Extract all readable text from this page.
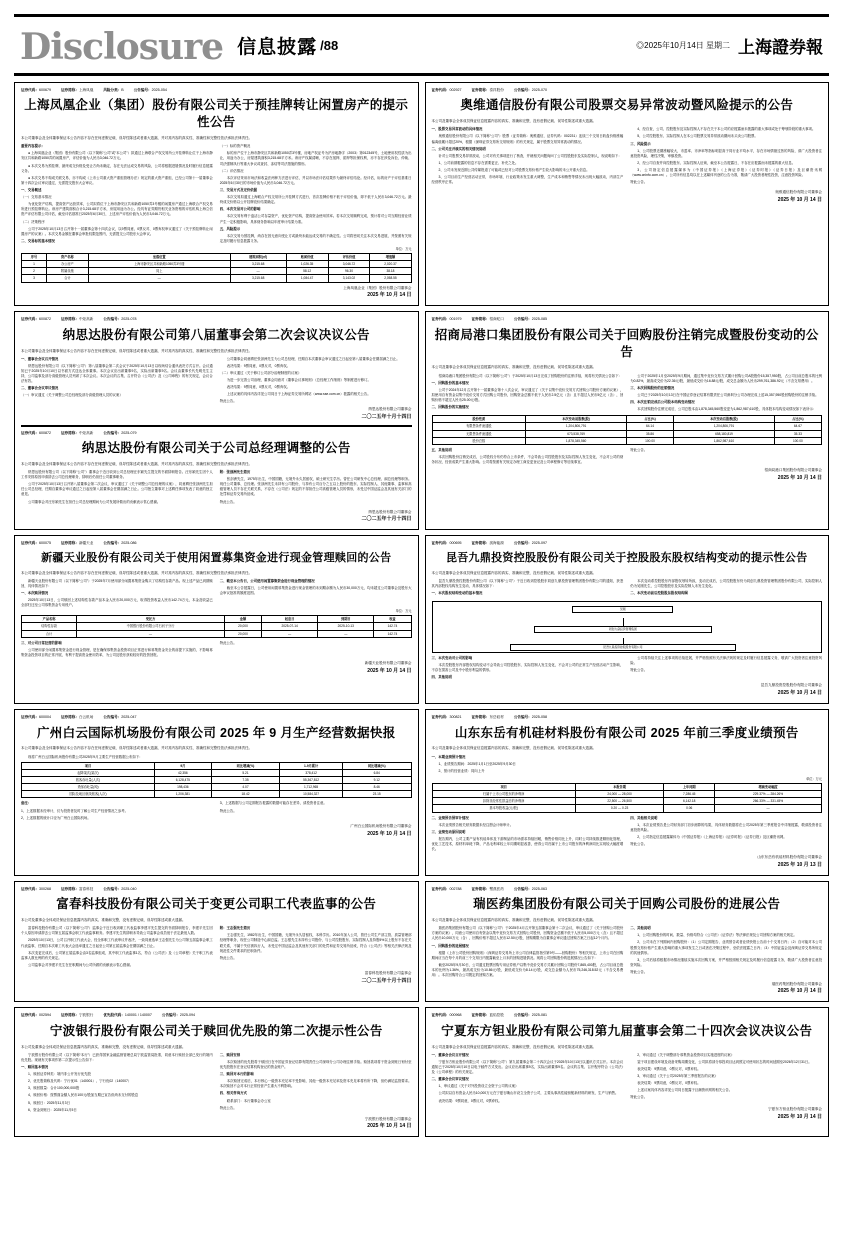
Disclosure 信息披露 /88	◎2025年10月14日 星期二 上海證券報
证券代码：600679	证券简称：上海凤凰	风险分类：B	公告编号：2025-054
上海凤凰企业（集团）股份有限公司关于预挂牌转让闲置房产的提示性公告
本公司董事会及全体董事保证本公告内容不存在任何虚假记载、误导性陈述或者重大遗漏，并对其内容的真实性、准确性和完整性依法承担法律责任。

重要内容提示：

● 上海凤凰企业（集团）股份有限公司（以下简称“公司”或“本公司”）拟通过上海联合产权交易所公开挂牌转让位于上海市静安区共和新路1050弄的闲置房产，评估价值为人民币3,046.72万元。

● 本次交易为预挂牌，最终成交价格及受让方尚未确定，存在无法达成交易的风险，公司将根据进展情况及时履行信息披露义务。

● 本次交易不构成关联交易，亦不构成《上市公司重大资产重组管理办法》规定的重大资产重组，已经公司第十一届董事会第十四次会议审议通过，无需提交股东大会审议。

一、交易概述

（一）交易基本情况

为优化资产结构，提高资产运营效率，公司拟将位于上海市静安区共和新路1050弄3号楼的闲置房产通过上海联合产权交易所进行预挂牌转让。该房产建筑面积合计3,215.68平方米，房屋用途为办公。经具有证券期货相关业务资格的评估机构上海立信资产评估有限公司评估，截至评估基准日2025年6月30日，上述房产评估价值为人民币3,046.72万元。

（二）决策程序

公司于2025年10月13日召开第十一届董事会第十四次会议，以9票同意、0票反对、0票弃权审议通过了《关于预挂牌转让闲置房产的议案》。本次交易金额在董事会审批权限范围内，无需提交公司股东大会审议。

二、交易标的基本情况

（一）标的资产概况

标的房产位于上海市静安区共和新路1050弄3号楼，房地产权证号为沪房地静字（2003）第012345号，土地使用权性质为出让，用途为办公，房屋建筑面积3,215.68平方米。该房产权属清晰，不存在抵押、质押等担保权利，亦不存在涉及诉讼、仲裁、司法强制执行等重大争议或查封、冻结等司法措施的情形。

（二）评估情况

本次评估采用市场法和收益法两种方法进行评估，并以市场法评估结果作为最终评估结论。经评估，标的房产于评估基准日2025年6月30日的市场价值为人民币3,046.72万元。

三、交易方式及定价依据

本次交易拟通过上海联合产权交易所公开挂牌方式进行，首次挂牌价格不低于评估价值，即不低于人民币3,046.72万元。最终成交价格以公开挂牌竞价结果确定。

四、本次交易对公司的影响

本次交易有利于盘活公司存量资产，优化资产结构，提高资金使用效率。若本次交易顺利完成，预计将对公司当期经营业绩产生一定积极影响，具体财务影响以年度审计结果为准。

五、风险提示

本次交易为预挂牌，尚存在因无意向受让方或最终未能达成交易的不确定性。公司将密切关注本次交易进展，并按照有关规定及时履行信息披露义务。

单位：万元
序号	资产名称	坐落位置	建筑面积(㎡)	账面价值	评估价值	增值额
1	办公房产	上海市静安区共和新路1050弄3号楼	3,215.68	1,026.35	3,046.72	2,020.37
2	附属设施	同上	—	58.12	96.30	38.18
3	合计	—	3,215.68	1,084.47	3,143.02	2,058.55
上海凤凰企业（集团）股份有限公司董事会
2025 年 10 月 14 日
证券代码：002927	证券简称：泰祥股份	公告编号：2025-070
奥维通信股份有限公司股票交易异常波动暨风险提示的公告
本公司及董事会全体成员保证信息披露内容的真实、准确和完整，没有虚假记载、误导性陈述或重大遗漏。

一、股票交易异常波动的具体情况

奥维通信股份有限公司（以下简称“公司”）股票（证券简称：奥维通信，证券代码：002231）连续三个交易日收盘价格涨幅偏离值累计超过20%，根据《深圳证券交易所交易规则》的有关规定，属于股票交易异常波动的情况。

二、公司关注并核实的相关情况说明

针对公司股票交易异常波动，公司对有关事项进行了核查，并就相关问题询问了公司控股股东及实际控制人，现说明如下：

1、公司前期披露的信息不存在需要更正、补充之处。

2、公司未发现近期公共传媒报道了可能或已经对公司股票交易价格产生较大影响的未公开重大信息。

3、公司目前生产经营活动正常，市场环境、行业政策未发生重大调整，生产成本和销售等情况未出现大幅波动，内部生产经营秩序正常。

4、经自查，公司、控股股东及实际控制人不存在关于本公司的应披露而未披露的重大事项或处于筹划阶段的重大事项。

5、公司控股股东、实际控制人在本公司股票交易异常波动期间未买卖公司股票。

三、风险提示

1、公司股票近期涨幅较大，市盈率、市净率等指标明显高于同行业平均水平，存在市场情绪过热的风险，请广大投资者注意投资风险，理性决策，审慎投资。

2、经公司自查并向控股股东、实际控制人征询，截至本公告披露日，不存在应披露而未披露的重大信息。

3、公司指定信息披露媒体为《中国证券报》《上海证券报》《证券时报》《证券日报》及巨潮资讯网（www.cninfo.com.cn）。公司所有信息均以在上述媒体刊登的公告为准，敬请广大投资者理性投资，注意投资风险。

特此公告。

奥维通信股份有限公司董事会
2025 年 10 月 14 日
证券代码：600872	证券简称：中炬高新	公告编号：2025-078
纳思达股份有限公司第八届董事会第二次会议决议公告
本公司董事会及全体董事保证本公告内容不存在任何虚假记载、误导性陈述或者重大遗漏，并对其内容的真实性、准确性和完整性依法承担法律责任。

一、董事会会议召开情况

纳思达股份有限公司（以下简称“公司”）第八届董事会第二次会议于2025年10月13日以现场结合通讯表决方式召开。会议通知已于2025年10月10日以书面方式送达全体董事。本次会议应出席董事9名，实际出席董事9名。会议由董事长代先明先生主持，公司监事及部分高级管理人员列席了本次会议。本次会议的召集、召开符合《公司法》及《公司章程》的有关规定，会议合法有效。

二、董事会会议审议情况

（一）审议通过《关于调整公司总经理及部分高级管理人员的议案》

公司董事会同意聘任张剑洲先生为公司总经理，任期自本次董事会审议通过之日起至第八届董事会任期届满之日止。

表决结果：9票同意，0票反对，0票弃权。

（二）审议通过《关于修订公司部分治理制度的议案》

为进一步完善公司治理，董事会同意对《董事会议事规则》《总经理工作细则》等制度进行修订。

表决结果：9票同意，0票反对，0票弃权。

上述议案的具体内容详见公司同日于上海证券交易所网站（www.sse.com.cn）披露的相关公告。

特此公告。

纳思达股份有限公司董事会
二〇二五年十月十四日
证券代码：600872	证券简称：中炬高新	公告编号：2025-079
纳思达股份有限公司关于公司总经理调整的公告
本公司董事会及全体董事保证本公告内容不存在任何虚假记载、误导性陈述或者重大遗漏，并对其内容的真实性、准确性和完整性依法承担法律责任。

纳思达股份有限公司（以下简称“公司”）董事会于近日收到公司总经理汪东颖先生提交的书面辞职报告。汪东颖先生因个人工作安排原因申请辞去公司总经理职务，辞职后仍担任公司董事职务。

公司于2025年10月13日召开第八届董事会第二次会议，审议通过了《关于调整公司总经理的议案》，同意聘任张剑洲先生担任公司总经理，任期自董事会审议通过之日起至第八届董事会任期届满之日止。公司独立董事对上述聘任事项发表了同意的独立意见。

公司董事会对汪东颖先生在担任公司总经理期间为公司发展所做出的贡献表示衷心感谢。

附：张剑洲先生简历

张剑洲先生，1975年出生，中国国籍，无境外永久居留权，硕士研究生学历。曾任公司研发中心总经理、副总经理等职务。现任公司董事、总经理。张剑洲先生未持有公司股份，与持有公司百分之五以上股份的股东、实际控制人、其他董事、监事和高级管理人员不存在关联关系，不存在《公司法》规定的不得担任公司高级管理人员的情形，未受过中国证监会及其他有关部门的处罚和证券交易所惩戒。

特此公告。

纳思达股份有限公司董事会
二〇二五年十月十四日
证券代码：001979	证券简称：招商蛇口	公告编号：2025-085
招商局港口集团股份有限公司关于回购股份注销完成暨股份变动的公告
本公司及董事会全体成员保证信息披露内容的真实、准确和完整，没有虚假记载、误导性陈述或重大遗漏。

招商局港口集团股份有限公司（以下简称“公司”）于2025年10月13日完成了回购股份的注销手续，现将有关情况公告如下：

一、回购股份的基本情况

公司于2024年12月召开第十一届董事会第十八次会议，审议通过了《关于以集中竞价交易方式回购公司股份方案的议案》，拟使用自有资金以集中竞价交易方式回购公司股份，回购资金总额不低于人民币2.5亿元（含）且不超过人民币5亿元（含），回购价格不超过人民币25.00元/股。

二、回购股份的实施情况

公司于2025年1月至2025年9月期间，通过集中竞价交易方式累计回购公司A股股份15,357,950股，占公司目前总股本的比例为0.82%，最高成交价为22.36元/股，最低成交价为16.88元/股，成交总金额为人民币299,761,386.92元（不含交易费用）。

三、本次回购股份的注销情况

公司已于2025年10月13日在中国证券登记结算有限责任公司深圳分公司办理完成上述15,357,950股回购股份的注销手续。

四、本次注销完成后公司股本结构变动情况

本次回购股份注销完成后，公司总股本由1,878,345,560股变更为1,862,987,610股，具体股本结构变动情况如下表所示：

股份性质	本次变动前股数(股)	占比(%)	本次变动后股数(股)	占比(%)
有限售条件流通股	1,204,806,791	64.14	1,204,806,791	64.67
无限售条件流通股	673,538,769	35.86	658,180,819	35.33
股份总数	1,878,345,560	100.00	1,862,987,610	100.00

五、其他说明

本次回购股份注销完成后，公司股权分布仍符合上市条件，不会导致公司控股股东及实际控制人发生变化，不会对公司的财务状况、经营成果产生重大影响。公司将按照有关规定办理工商变更登记及公司章程修订等后续事宜。

特此公告。

招商局港口集团股份有限公司董事会
2025 年 10 月 14 日
证券代码：600075	证券简称：新疆天业	公告编号：2025-086
新疆天业股份有限公司关于使用闲置募集资金进行现金管理赎回的公告
本公司董事会及全体董事保证本公告内容不存在任何虚假记载、误导性陈述或者重大遗漏，并对其内容的真实性、准确性和完整性依法承担法律责任。

新疆天业股份有限公司（以下简称“公司”）于2025年7月使用部分闲置募集资金购买了结构性存款产品。现上述产品已到期赎回，具体情况如下：

一、本次赎回情况

2025年10月13日，公司赎回上述结构性存款产品本金人民币20,000万元，取得投资收益人民币142.74万元，本金及收益已全部归还至公司募集资金专用账户。

二、截至本公告日，公司使用闲置募集资金进行现金管理的情况

截至本公告披露日，公司使用闲置募集资金进行现金管理的未到期余额为人民币30,000万元，均未超过公司董事会及股东大会审议批准的额度范围。

单位：万元
产品名称	受托方	金额	起息日	到期日	收益
结构性存款	中国银行股份有限公司石河子分行	20,000	2025-07-14	2025-10-13	142.74
合计	—	20,000	—	—	142.74

三、对公司日常经营的影响

公司使用部分闲置募集资金进行现金管理，是在确保募集资金投资项目正常进行和募集资金安全的前提下实施的，不影响募集资金投资项目的正常开展，有利于提高资金使用效率，为公司及股东获取较好的投资回报。

特此公告。

新疆天业股份有限公司董事会
2025 年 10 月 14 日
证券代码：000695	证券简称：滨海能源	公告编号：2025-097
昆吾九鼎投资控股股份有限公司关于控股股东股权结构变动的提示性公告
本公司及董事会全体成员保证信息披露内容的真实、准确和完整，没有虚假记载、误导性陈述或重大遗漏。

昆吾九鼎投资控股股份有限公司（以下简称“公司”）于近日收到控股股东同创九鼎投资管理集团股份有限公司的通知，获悉其内部股权结构发生变动，具体情况如下：

一、本次股权结构变动的基本情况

本次变动系控股股东内部股权划转所致，变动完成后，公司控股股东仍为同创九鼎投资管理集团股份有限公司，实际控制人仍为吴刚先生，公司控股股东及实际控制人未发生变化。

二、本次变动前后控股股东股权结构图

吴刚
同创九鼎投资管理集团
昆吾九鼎投资控股股份有限公司

三、本次变动对公司的影响

本次控股股东内部股权结构变动不会导致公司控股股东、实际控制人发生变化，不会对公司的正常生产经营活动产生影响，不存在损害公司及中小股东利益的情形。

四、其他说明

公司将持续关注上述事项的后续进展，并严格按照有关法律法规的规定及时履行信息披露义务，敬请广大投资者注意投资风险。

特此公告。

昆吾九鼎投资控股股份有限公司董事会
2025 年 10 月 14 日
证券代码：600004	证券简称：白云机场	公告编号：2025-047
广州白云国际机场股份有限公司 2025 年 9 月生产经营数据快报
本公司董事会及全体董事保证本公告内容不存在任何虚假记载、误导性陈述或者重大遗漏，并对其内容的真实性、准确性和完整性依法承担法律责任。

现将广州白云国际机场股份有限公司2025年9月主要生产经营数据公布如下：

项目	9月	同比增减(%)	1-9月累计	同比增减(%)
起降架次(架次)	42,356	5.21	378,412	6.84
旅客吞吐量(人次)	6,128,475	7.35	55,367,812	9.12
货邮吞吐量(吨)	198,436	4.07	1,712,965	8.46
国际及地区航线旅客(人次)	1,206,381	18.42	10,584,327	23.15

备注：

1、上述数据未经审计，仅为投资者及时了解公司生产经营情况之参考。

2、上述数据的统计口径为广州白云国际机场。

3、上述数据与公司定期报告披露的数据可能存在差异，请投资者注意。

特此公告。

广州白云国际机场股份有限公司董事会
2025 年 10 月 14 日
证券代码：300821	证券简称：东岳硅材	公告编号：2025-058
山东东岳有机硅材料股份有限公司 2025 年前三季度业绩预告
本公司及董事会全体成员保证信息披露内容的真实、准确和完整，没有虚假记载、误导性陈述或重大遗漏。

一、本期业绩预计情况

1、业绩预告期间：2025年1月1日至2025年9月30日

2、预计的经营业绩：同向上升

单位：万元
项目	本报告期	上年同期	增减变动幅度
归属于上市公司股东的净利润	24,000 — 28,000	7,286.45	229.37% — 284.26%
扣除非经常性损益后的净利润	22,500 — 26,500	6,142.18	266.33% — 331.45%
基本每股收益(元/股)	0.20 — 0.23	0.06	—

二、业绩预告预审计情况

本次业绩预告相关财务数据未经注册会计师审计。

三、业绩变动原因说明

报告期内，公司主要产品有机硅单体及下游制品的市场需求持续回暖，销售价格同比上升，同时公司持续推进精细化管理，优化工艺技术，原材料单耗下降，产品毛利率较上年同期明显改善，使得公司归属于上市公司股东的净利润同比实现较大幅度增长。

四、其他相关说明

1、本次业绩预告是公司财务部门初步测算的结果，具体财务数据将在公司2025年第三季度报告中详细披露，敬请投资者注意投资风险。

2、公司指定信息披露媒体为《中国证券报》《上海证券报》《证券时报》《证券日报》及巨潮资讯网。

特此公告。

山东东岳有机硅材料股份有限公司董事会
2025 年 10 月 13 日
证券代码：300268	证券简称：富春科技	公告编号：2025-040
富春科技股份有限公司关于变更公司职工代表监事的公告
本公司及董事会全体成员保证信息披露内容的真实、准确和完整，没有虚假记载、误导性陈述或重大遗漏。

富春科技股份有限公司（以下简称“公司”）监事会于近日收到职工代表监事李建平先生提交的书面辞职报告，李建平先生因个人原因申请辞去公司第五届监事会职工代表监事职务。李建平先生的辞职未导致公司监事会成员低于法定最低人数。

2025年10月13日，公司召开职工代表大会，经全体职工代表审议并表决，一致同意选举王志强先生为公司第五届监事会职工代表监事，任期自本次职工代表大会选举通过之日起至公司第五届监事会任期届满之日止。

本次变更完成后，公司第五届监事会由3名监事组成，其中职工代表监事1名，符合《公司法》及《公司章程》关于职工代表监事人数比例的有关规定。

公司监事会对李建平先生在任职期间为公司所做的贡献表示衷心感谢。

附：王志强先生简历

王志强先生，1982年出生，中国国籍，无境外永久居留权，本科学历。2010年加入公司，曾任公司生产部主管、质量管理部经理等职务，现任公司制造中心副总监。王志强先生未持有公司股份，与公司控股股东、实际控制人及持股5%以上股东不存在关联关系，不属于失信被执行人，未受过中国证监会及其他有关部门的处罚和证券交易所惩戒，符合《公司法》等相关法律法规及规范性文件要求的任职条件。

特此公告。

富春科技股份有限公司监事会
二〇二五年十月十四日
证券代码：002788	证券简称：鹭燕医药	公告编号：2025-063
瑞医药集团股份有限公司关于回购公司股份的进展公告
本公司及董事会全体成员保证信息披露内容的真实、准确和完整，没有虚假记载、误导性陈述或重大遗漏。

瑞医药集团股份有限公司（以下简称“公司”）于2025年4月召开第五届董事会第十二次会议，审议通过了《关于回购公司股份方案的议案》，同意公司使用自有资金以集中竞价交易方式回购公司股份，回购资金总额不低于人民币5,000万元（含）且不超过人民币10,000万元（含），回购价格不超过人民币12.50元/股，回购期限为自董事会审议通过回购方案之日起12个月内。

一、回购股份的进展情况

根据《上市公司股份回购规则》《深圳证券交易所上市公司自律监管指引第9号——回购股份》等相关规定，上市公司在回购期间应当在每个月的前三个交易日内披露截至上月末的回购进展情况。现将公司回购股份的进展情况公告如下：

截至2025年9月30日，公司通过股票回购专用证券账户以集中竞价交易方式累计回购公司股份7,865,400股，占公司目前总股本的比例为1.36%，最高成交价为10.86元/股，最低成交价为8.14元/股，成交总金额为人民币75,246,318.52元（不含交易费用）。本次回购符合公司既定的回购方案。

二、其他说明

1、公司回购股份的时间、数量、价格均符合《公司法》《证券法》等法律法规及公司回购方案的相关规定。

2、公司未在下列期间内回购股份：（1）公司定期报告、业绩预告或者业绩快报公告前十个交易日内；（2）自可能对本公司股票交易价格产生重大影响的重大事项发生之日或者在决策过程中，至依法披露之日内；（3）中国证监会及深圳证券交易所规定的其他情形。

3、公司后续将根据市场情况继续实施本次回购方案，并严格按照相关规定及时履行信息披露义务，敬请广大投资者注意投资风险。

特此公告。

瑞医药集团股份有限公司董事会
2025 年 10 月 14 日
证券代码：002594	证券简称：宁波银行	优先股代码：140001 / 140007	公告编号：2025-094
宁波银行股份有限公司关于赎回优先股的第二次提示性公告
本公司及董事会全体成员保证信息披露内容的真实、准确和完整，没有虚假记载、误导性陈述或重大遗漏。

宁波银行股份有限公司（以下简称“本行”）已获得国家金融监督管理总局宁波监管局批准，同意本行赎回全部已发行的境内优先股。现就有关事项作第二次提示性公告如下：

一、赎回基本情况

1、赎回证券种类：境内非公开发行优先股

2、优先股简称及代码：宁行优01（140001）、宁行优02（140007）

3、赎回数量：合计100,000,000股

4、赎回价格：按票面金额人民币100元/股加当期已宣告但尚未支付的股息

5、赎回日：2025年11月3日

6、资金到账日：2025年11月5日

二、赎回安排

本次赎回的优先股将于赎回日在中国证券登记结算有限责任公司深圳分公司办理注销手续。赎回款项将于资金到账日划付至优先股股东在登记结算机构登记的资金账户。

三、赎回对本行的影响

本次赎回完成后，本行核心一级资本充足率不受影响，其他一级资本充足率及资本充足率将有所下降，但仍满足监管要求。本次赎回不会对本行正常经营产生重大不利影响。

四、相关咨询方式

联系部门：本行董事会办公室

特此公告。

宁波银行股份有限公司董事会
2025 年 10 月 14 日
证券代码：000968	证券简称：蓝焰控股	公告编号：2025-081
宁夏东方钽业股份有限公司第九届董事会第二十四次会议决议公告
本公司及董事会全体成员保证信息披露内容的真实、准确和完整，没有虚假记载、误导性陈述或重大遗漏。

一、董事会会议召开情况

宁夏东方钽业股份有限公司（以下简称“公司”）第九届董事会第二十四次会议于2025年10月13日以通讯方式召开。本次会议通知已于2025年10月10日以电子邮件方式发出。会议应出席董事9名，实际出席董事9名。会议的召集、召开程序符合《公司法》及《公司章程》的有关规定。

二、董事会会议审议情况

1、审议通过《关于对外投资设立全资子公司的议案》

公司拟以自有资金人民币10,000万元在宁夏石嘴山市设立全资子公司，主要从事高性能钽铌新材料的研发、生产与销售。

表决结果：9票同意，0票反对，0票弃权。

2、审议通过《关于调整部分募集资金投资项目实施进度的议案》

鉴于项目建设环境及设备采购周期变化，公司拟将部分募投项目达到预定可使用状态的时间延期至2026年12月31日。

表决结果：9票同意，0票反对，0票弃权。

3、审议通过《关于公司2025年第三季度报告的议案》

表决结果：9票同意，0票反对，0票弃权。

上述议案具体内容详见公司同日披露于巨潮资讯网的相关公告。

特此公告。

宁夏东方钽业股份有限公司董事会
2025 年 10 月 14 日
